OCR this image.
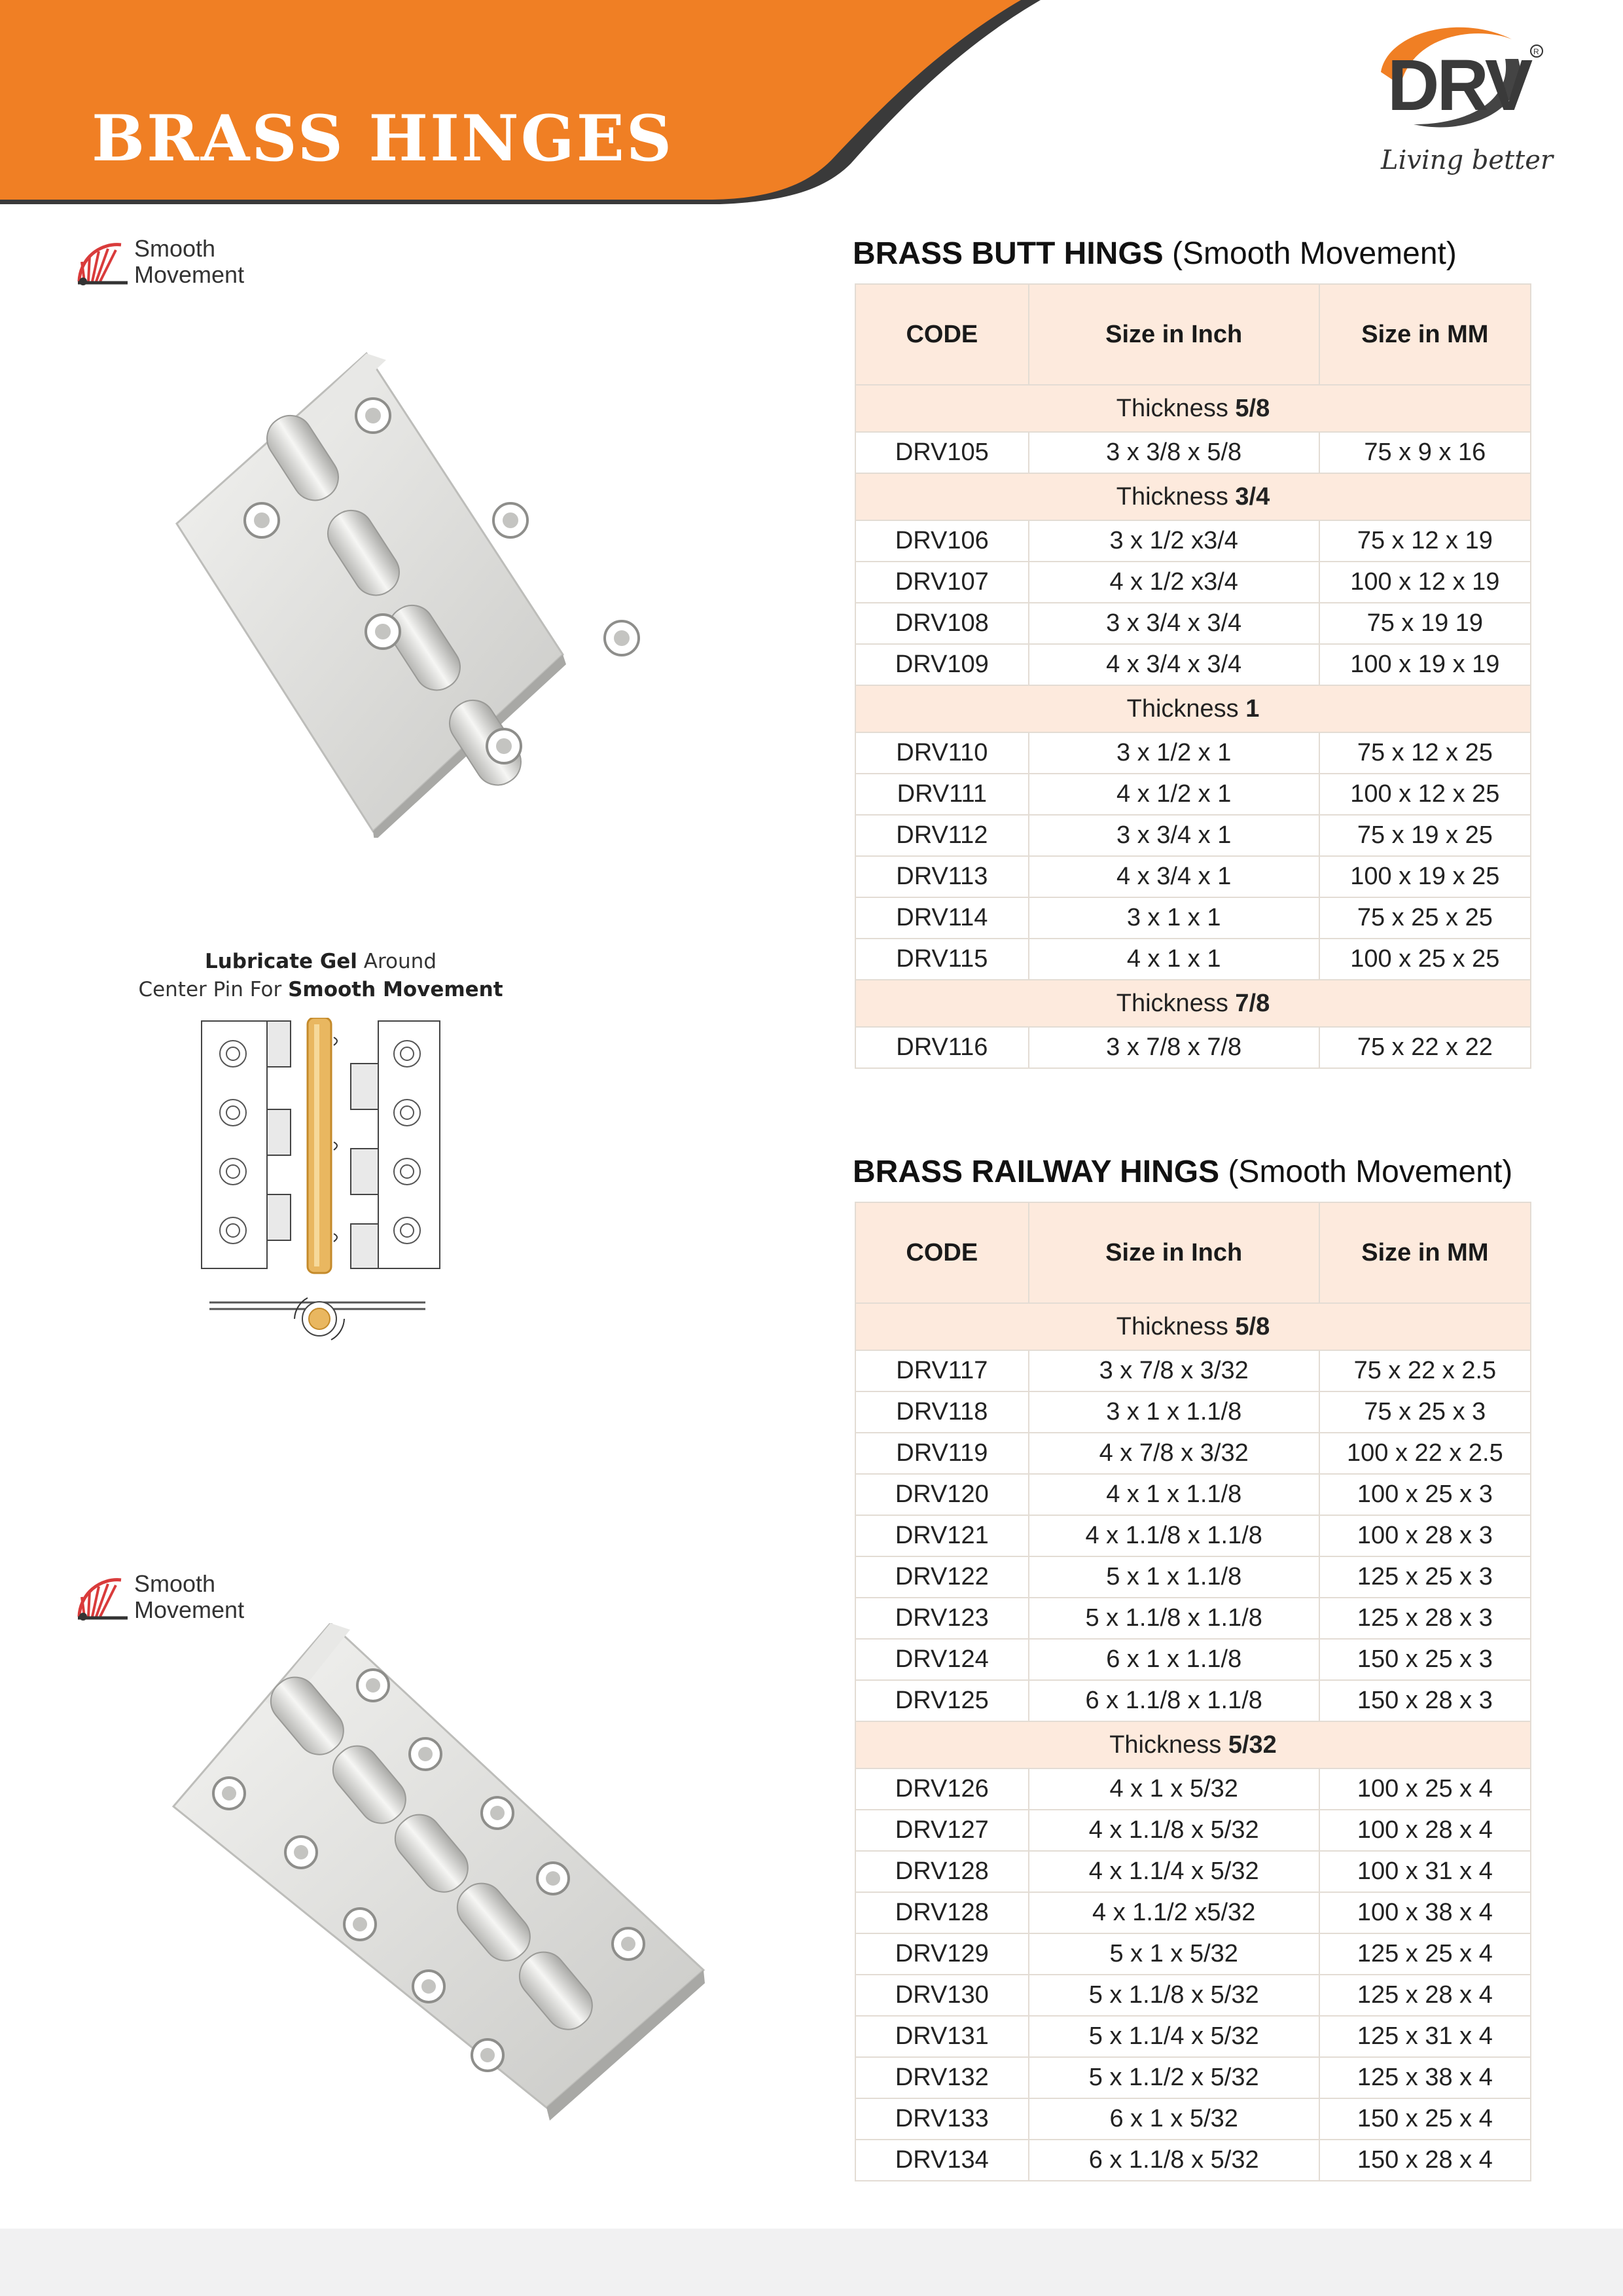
BRASS HINGES
DRV R
Living better
Smooth
Movement
Lubricate Gel Around
Center Pin For Smooth Movement
Smooth
Movement
BRASS BUTT HINGS (Smooth Movement)
CODE	Size in Inch	Size in MM
Thickness 5/8		
DRV105	3 x 3/8 x 5/8	75 x 9 x 16
Thickness 3/4		
DRV106	3 x 1/2 x3/4	75 x 12 x 19
DRV107	4 x 1/2 x3/4	100 x 12 x 19
DRV108	3 x 3/4 x 3/4	75 x 19 19
DRV109	4 x 3/4 x 3/4	100 x 19 x 19
Thickness 1		
DRV110	3 x 1/2 x 1	75 x 12 x 25
DRV111	4 x 1/2 x 1	100 x 12 x 25
DRV112	3 x 3/4 x 1	75 x 19 x 25
DRV113	4 x 3/4 x 1	100 x 19 x 25
DRV114	3 x 1 x 1	75 x 25 x 25
DRV115	4 x 1 x 1	100 x 25 x 25
Thickness 7/8		
DRV116	3 x 7/8 x 7/8	75 x 22 x 22
BRASS RAILWAY HINGS (Smooth Movement)
CODE	Size in Inch	Size in MM
Thickness 5/8		
DRV117	3 x 7/8 x 3/32	75 x 22 x 2.5
DRV118	3 x 1 x 1.1/8	75 x 25 x 3
DRV119	4 x 7/8 x 3/32	100 x 22 x 2.5
DRV120	4 x 1 x 1.1/8	100 x 25 x 3
DRV121	4 x 1.1/8 x 1.1/8	100 x 28 x 3
DRV122	5 x 1 x 1.1/8	125 x 25 x 3
DRV123	5 x 1.1/8 x 1.1/8	125 x 28 x 3
DRV124	6 x 1 x 1.1/8	150 x 25 x 3
DRV125	6 x 1.1/8 x 1.1/8	150 x 28 x 3
Thickness 5/32		
DRV126	4 x 1 x 5/32	100 x 25 x 4
DRV127	4 x 1.1/8 x 5/32	100 x 28 x 4
DRV128	4 x 1.1/4 x 5/32	100 x 31 x 4
DRV128	4 x 1.1/2 x5/32	100 x 38 x 4
DRV129	5 x 1 x 5/32	125 x 25 x 4
DRV130	5 x 1.1/8 x 5/32	125 x 28 x 4
DRV131	5 x 1.1/4 x 5/32	125 x 31 x 4
DRV132	5 x 1.1/2 x 5/32	125 x 38 x 4
DRV133	6 x 1 x 5/32	150 x 25 x 4
DRV134	6 x 1.1/8 x 5/32	150 x 28 x 4
